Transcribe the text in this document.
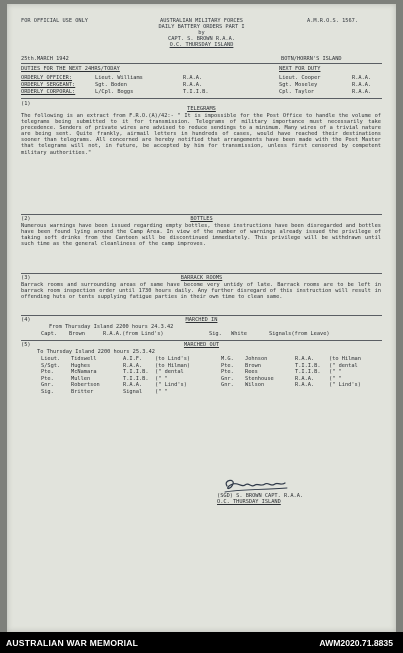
FOR OFFICIAL USE ONLY	AUSTRALIAN MILITARY FORCES
DAILY BATTERY ORDERS PART I
by
CAPT. S. BROWN R.A.A.
O.C. THURSDAY ISLAND
A.M.R.O.S. 1567.
25th.MARCH 1942	BOTN/HORRN'S ISLAND
DUTIES FOR THE NEXT 24HRS/TODAY	NEXT FOR DUTY
ORDERLY OFFICER:	Lieut. Williams	R.A.A.	Lieut. Cooper	R.A.A.
ORDERLY SERGEANT:	Sgt. Boden	R.A.A.	Sgt. Moseley	R.A.A.
ORDERLY CORPORAL:	L/Cpl. Boggs	T.I.I.B.	Cpl. Taylor	R.A.A.
(1)
TELEGRAMS
The following is an extract from F.R.O.(A)/42:- " It is impossible for the Post Office to handle the volume of telegrams being submitted to it for transmission. Telegrams of military importance must necessarily take precedence. Senders of private wires are advised to reduce sendings to a minimum. Many wires of a trivial nature are being sent. Quite frankly, airmail letters in hundreds of cases, would have reached their destinations sooner than telegrams. All concerned are hereby notified that arrangements have been made with the Post Master that telegrams will not, in future, be accepted by him for transmission, unless first censored by competent military authorities."
(2)	BOTTLES
Numerous warnings have been issued regarding empty bottles, these instructions have been disregarded and bottles have been found lying around the Camp Area. In view of the number of warnings already issued the privilege of taking soft drinks from the Canteen will be discontinued immediately. This privilege will be withdrawn until such time as the general cleanliness of the camp improves.
(3)	BARRACK ROOMS
Barrack rooms and surrounding areas of same have become very untidy of late. Barrack rooms are to be left in barrack room inspection order until 1730 hours daily. Any further disregard of this instruction will result in offending huts or tents supplying fatigue parties in their own time to clean same.
(4)	MARCHED IN
From Thursday Island 2200 hours 24.3.42
Capt. Brown	R.A.A.(from Lind's)	Sig. White	Signals(from Leave)
(5)	MARCHED OUT
To Thursday Island 2200 hours 25.3.42
Lieut. Tidswell	A.I.F. (to Lind's)	M.G. Johnson	R.A.A.	(to Hilman
S/Sgt. Hughes	R.A.A. (to Hilman)	Pte. Brown	T.I.I.B. (" dental
Pte.	McNamara	T.I.I.B. (" dental	Pte. Rees	T.I.I.B. (" "
Pte.	Mullen	T.I.I.B. (" "	Gnr. Stenhouse	R.A.A.	(" "
Gnr.	Robertson	R.A.A. (" Lind's)	Gnr. Wilson	R.A.A.	(" Lind's)
Sig.	Britter	Signal (" "
(SGD) S. BROWN CAPT. R.A.A.
O.C. THURSDAY ISLAND
AUSTRALIAN WAR MEMORIAL	AWM2020.71.8835
